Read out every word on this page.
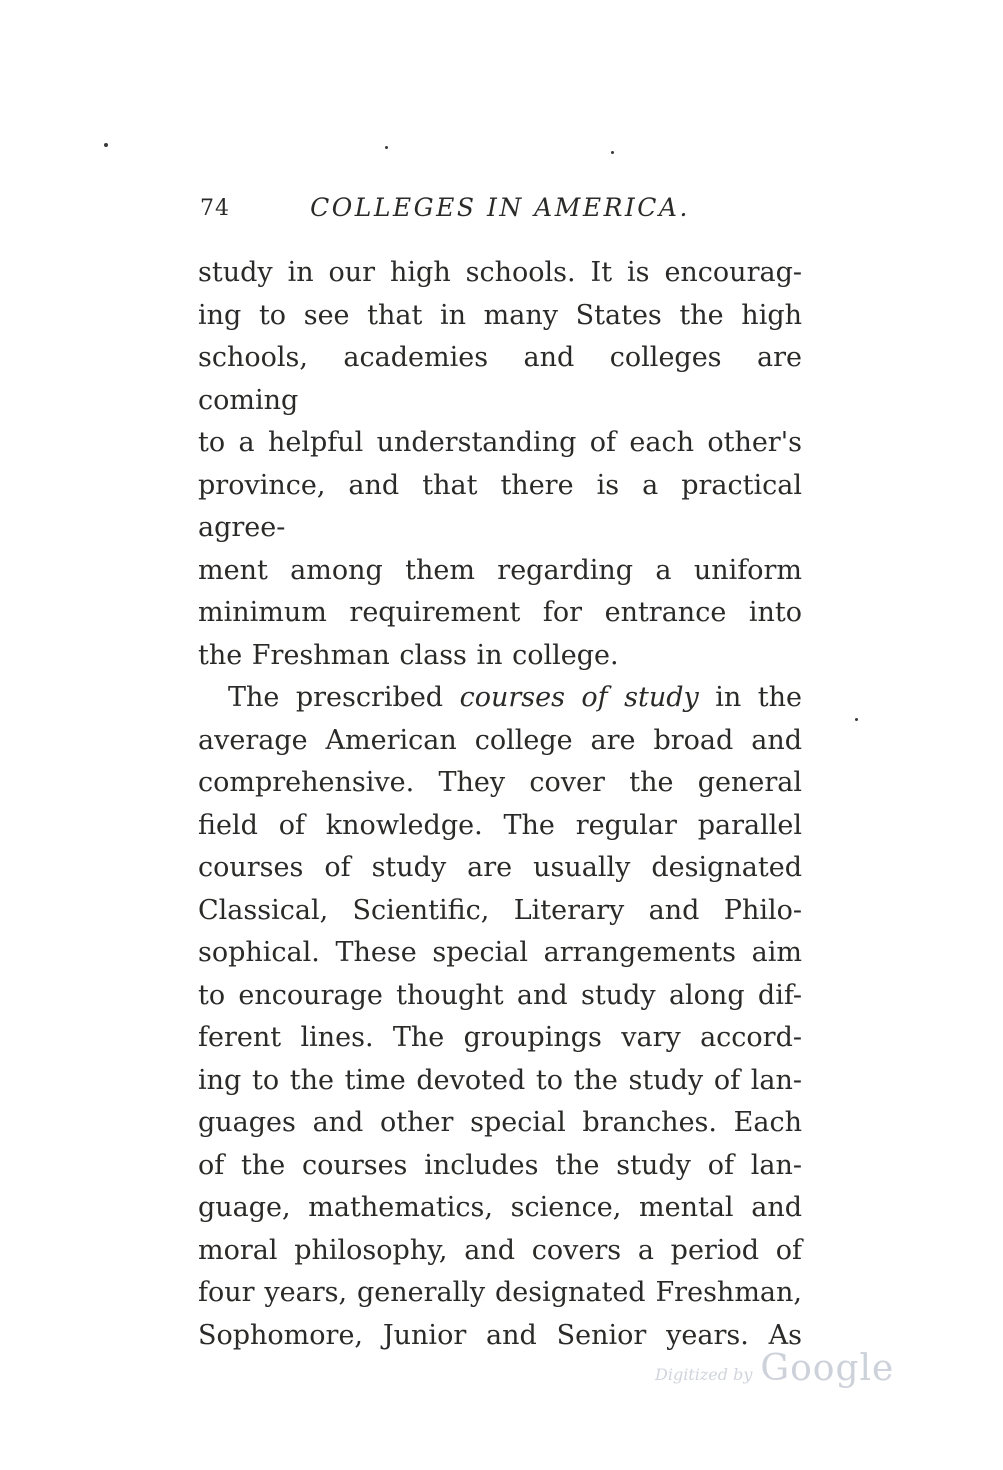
74	COLLEGES IN AMERICA.
study in our high schools. It is encourag-
ing to see that in many States the high
schools, academies and colleges are coming
to a helpful understanding of each other's
province, and that there is a practical agree-
ment among them regarding a uniform
minimum requirement for entrance into
the Freshman class in college.
The prescribed courses of study in the
average American college are broad and
comprehensive. They cover the general
field of knowledge. The regular parallel
courses of study are usually designated
Classical, Scientific, Literary and Philo-
sophical. These special arrangements aim
to encourage thought and study along dif-
ferent lines. The groupings vary accord-
ing to the time devoted to the study of lan-
guages and other special branches. Each
of the courses includes the study of lan-
guage, mathematics, science, mental and
moral philosophy, and covers a period of
four years, generally designated Freshman,
Sophomore, Junior and Senior years. As
Digitized by Google
